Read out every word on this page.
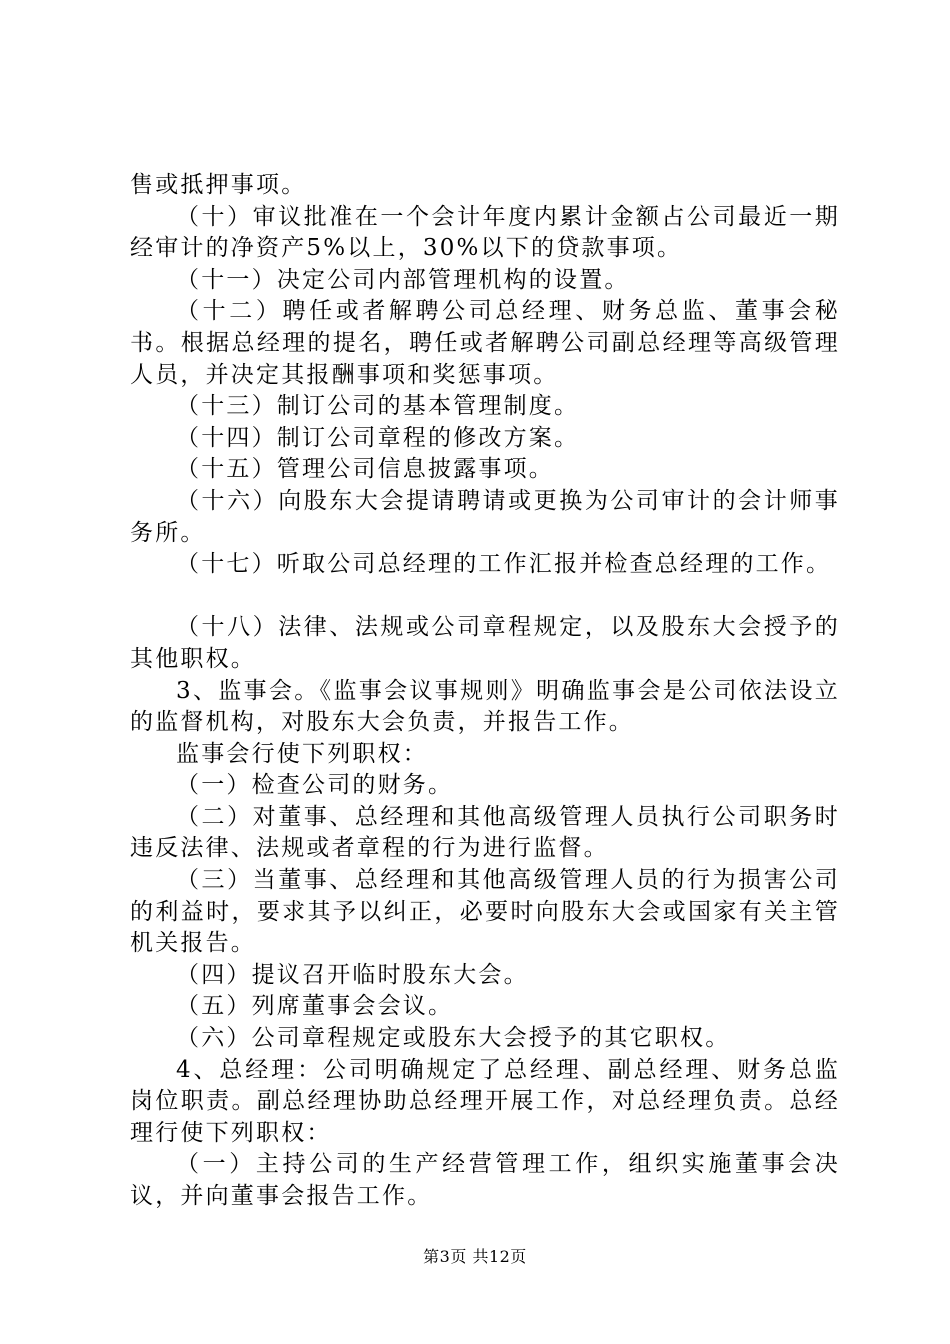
售或抵押事项。

（十）审议批准在一个会计年度内累计金额占公司最近一期经审计的净资产5%以上，30%以下的贷款事项。

（十一）决定公司内部管理机构的设置。

（十二）聘任或者解聘公司总经理、财务总监、董事会秘书。根据总经理的提名，聘任或者解聘公司副总经理等高级管理人员，并决定其报酬事项和奖惩事项。

（十三）制订公司的基本管理制度。

（十四）制订公司章程的修改方案。

（十五）管理公司信息披露事项。

（十六）向股东大会提请聘请或更换为公司审计的会计师事务所。

（十七）听取公司总经理的工作汇报并检查总经理的工作。

（十八）法律、法规或公司章程规定，以及股东大会授予的其他职权。

3、监事会。《监事会议事规则》明确监事会是公司依法设立的监督机构，对股东大会负责，并报告工作。

监事会行使下列职权：

（一）检查公司的财务。

（二）对董事、总经理和其他高级管理人员执行公司职务时违反法律、法规或者章程的行为进行监督。

（三）当董事、总经理和其他高级管理人员的行为损害公司的利益时，要求其予以纠正，必要时向股东大会或国家有关主管机关报告。

（四）提议召开临时股东大会。

（五）列席董事会会议。

（六）公司章程规定或股东大会授予的其它职权。

4、总经理：公司明确规定了总经理、副总经理、财务总监岗位职责。副总经理协助总经理开展工作，对总经理负责。总经理行使下列职权：

（一）主持公司的生产经营管理工作，组织实施董事会决议，并向董事会报告工作。

第3页 共12页
